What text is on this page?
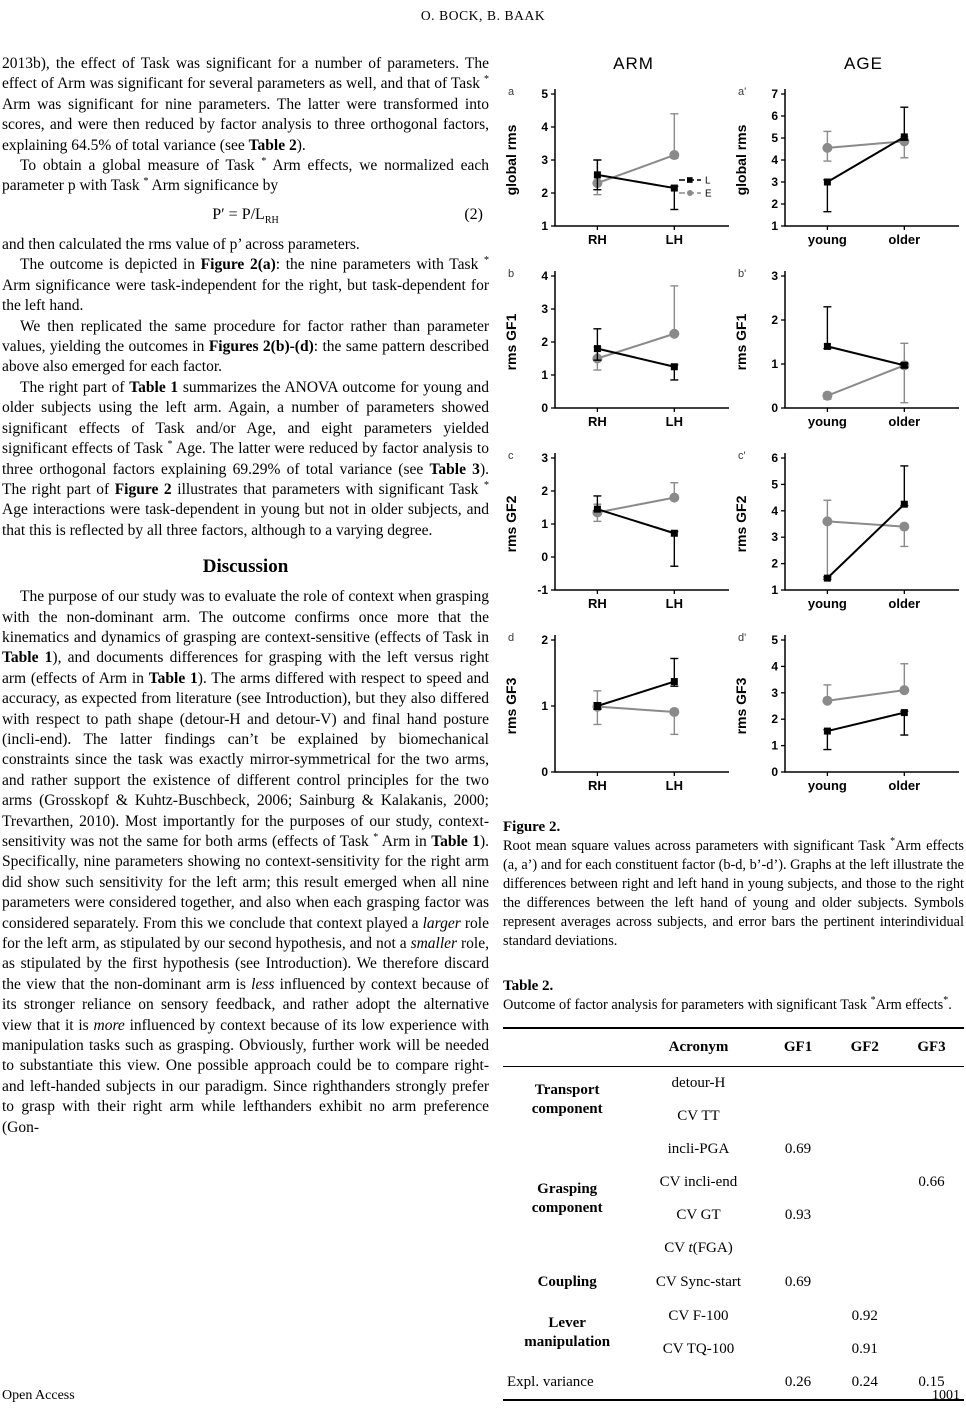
O. BOCK, B. BAAK

2013b), the effect of Task was significant for a number of parameters. The effect of Arm was significant for several parameters as well, and that of Task * Arm was significant for nine parameters. The latter were transformed into scores, and were then reduced by factor analysis to three orthogonal factors, explaining 64.5% of total variance (see Table 2).

To obtain a global measure of Task * Arm effects, we normalized each parameter p with Task * Arm significance by

$P' = P/L_{RH}$	(2)

and then calculated the rms value of p’ across parameters.

The outcome is depicted in Figure 2(a): the nine parameters with Task * Arm significance were task-independent for the right, but task-dependent for the left hand.

We then replicated the same procedure for factor rather than parameter values, yielding the outcomes in Figures 2(b)-(d): the same pattern described above also emerged for each factor.

The right part of Table 1 summarizes the ANOVA outcome for young and older subjects using the left arm. Again, a number of parameters showed significant effects of Task and/or Age, and eight parameters yielded significant effects of Task * Age. The latter were reduced by factor analysis to three orthogonal factors explaining 69.29% of total variance (see Table 3). The right part of Figure 2 illustrates that parameters with significant Task * Age interactions were task-dependent in young but not in older subjects, and that this is reflected by all three factors, although to a varying degree.

Discussion

The purpose of our study was to evaluate the role of context when grasping with the non-dominant arm. The outcome confirms once more that the kinematics and dynamics of grasping are context-sensitive (effects of Task in Table 1), and documents differences for grasping with the left versus right arm (effects of Arm in Table 1). The arms differed with respect to speed and accuracy, as expected from literature (see Introduction), but they also differed with respect to path shape (detour-H and detour-V) and final hand posture (incli-end). The latter findings can’t be explained by biomechanical constraints since the task was exactly mirror-symmetrical for the two arms, and rather support the existence of different control principles for the two arms (Grosskopf & Kuhtz-Buschbeck, 2006; Sainburg & Kalakanis, 2000; Trevarthen, 2010). Most importantly for the purposes of our study, context-sensitivity was not the same for both arms (effects of Task * Arm in Table 1). Specifically, nine parameters showing no context-sensitivity for the right arm did show such sensitivity for the left arm; this result emerged when all nine parameters were considered together, and also when each grasping factor was considered separately. From this we conclude that context played a larger role for the left arm, as stipulated by our second hypothesis, and not a smaller role, as stipulated by the first hypothesis (see Introduction). We therefore discard the view that the non-dominant arm is less influenced by context because of its stronger reliance on sensory feedback, and rather adopt the alternative view that it is more influenced by context because of its low experience with manipulation tasks such as grasping. Obviously, further work will be needed to substantiate this view. One possible approach could be to compare right- and left-handed subjects in our paradigm. Since righthanders strongly prefer to grasp with their right arm while lefthanders exhibit no arm preference (Gon-

ARM	AGE
1
2
3
4
5
RH	LH
global rms
a
L
E
1
2
3
4
5
6
7
young	older
global rms
a'
0
1
2
3
4
RH	LH
rms GF1
b
0
1
2
3
young	older
rms GF1
b'
-1
0
1
2
3
RH	LH
rms GF2
c
1
2
3
4
5
6
young	older
rms GF2
c'
0
1
2
RH	LH
rms GF3
d
0
1
2
3
4
5
young	older
rms GF3
d'
Figure 2.
Root mean square values across parameters with significant Task *Arm effects (a, a’) and for each constituent factor (b-d, b’-d’). Graphs at the left illustrate the differences between right and left hand in young subjects, and those to the right the differences between the left hand of young and older subjects. Symbols represent averages across subjects, and error bars the pertinent interindividual standard deviations.
Table 2.
Outcome of factor analysis for parameters with significant Task *Arm effects*.
	Acronym	GF1	GF2	GF3
Transport component	detour-H			
	CV TT			
Grasping component	incli-PGA	0.69		
	CV incli-end			0.66
	CV GT	0.93		
	CV t(FGA)			
Coupling	CV Sync-start	0.69		
Lever manipulation	CV F-100		0.92	
	CV TQ-100		0.91	
Expl. variance		0.26	0.24	0.15
Open Access	1001
